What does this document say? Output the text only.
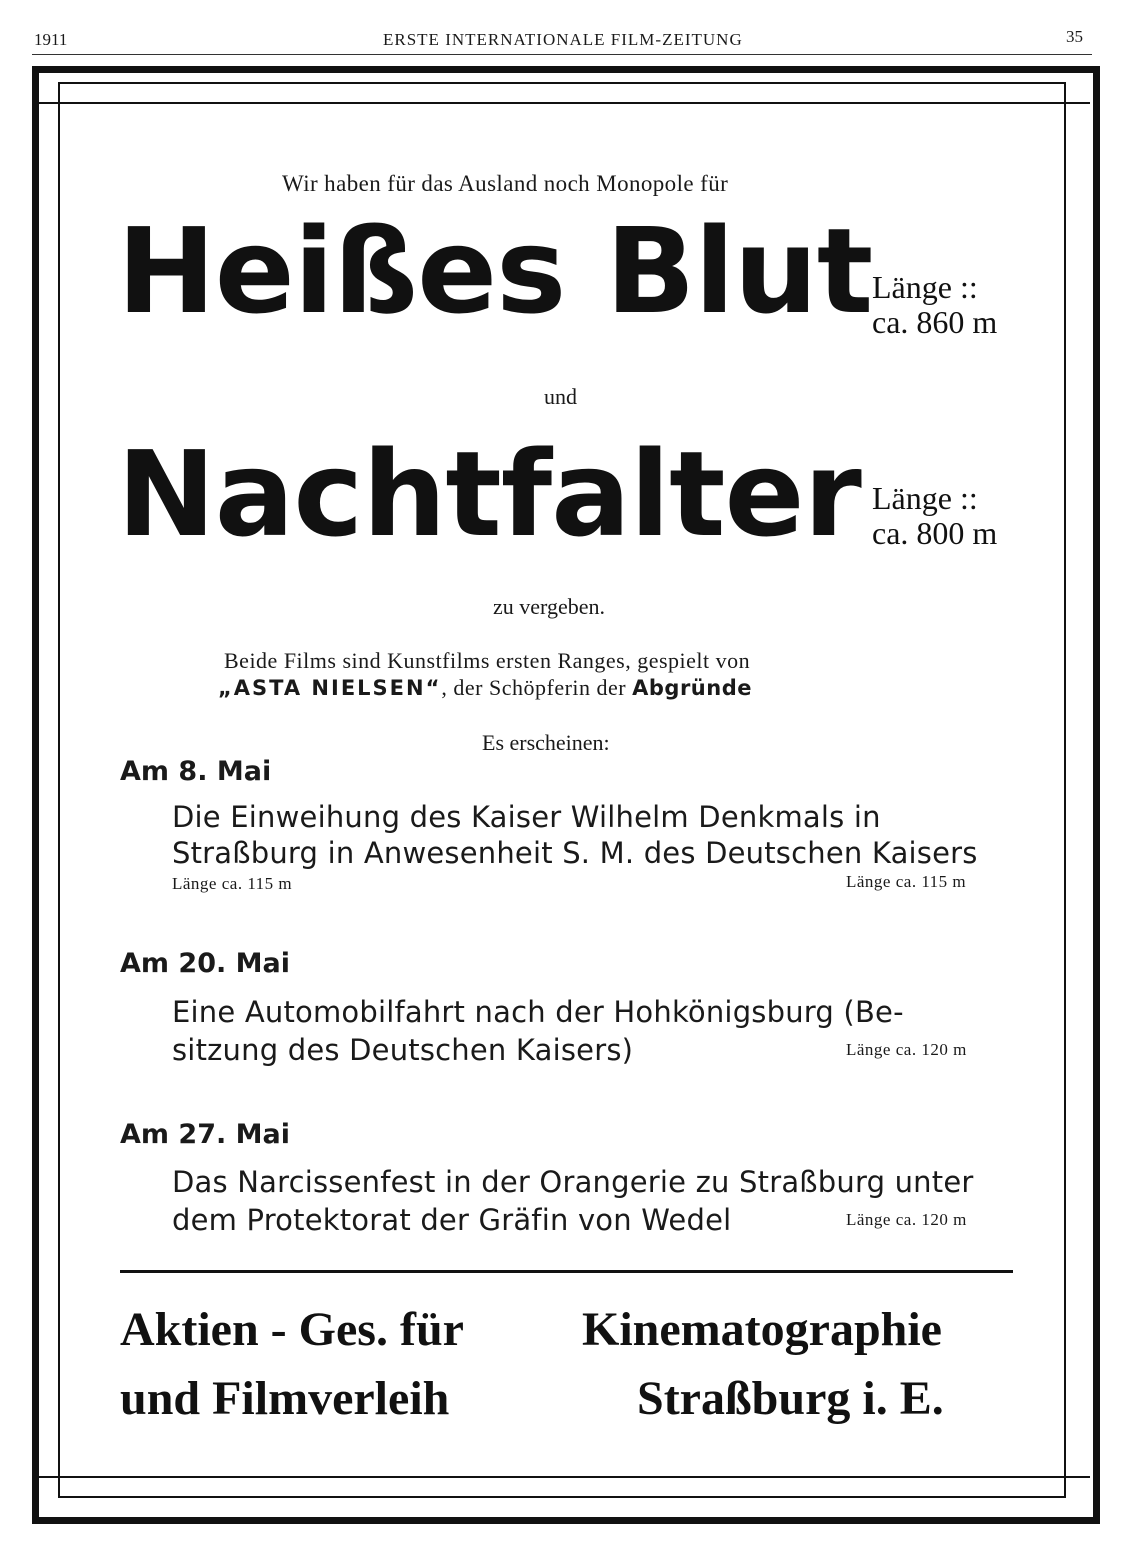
1911	ERSTE INTERNATIONALE FILM-ZEITUNG	35
Wir haben für das Ausland noch Monopole für
Heißes Blut Länge ::
ca. 860 m
und
Nachtfalter Länge ::
ca. 800 m
zu vergeben.
Beide Films sind Kunstfilms ersten Ranges, gespielt von
„ASTA NIELSEN“, der Schöpferin der Abgründe
Es erscheinen:
Am 8. Mai
Die Einweihung des Kaiser Wilhelm Denkmals in
Straßburg in Anwesenheit S. M. des Deutschen Kaisers
Länge ca. 115 m	Länge ca. 115 m
Am 20. Mai
Eine Automobilfahrt nach der Hohkönigsburg (Be-
sitzung des Deutschen Kaisers)	Länge ca. 120 m
Am 27. Mai
Das Narcissenfest in der Orangerie zu Straßburg unter
dem Protektorat der Gräfin von Wedel	Länge ca. 120 m
Aktien - Ges. für Kinematographie
und Filmverleih	Straßburg i. E.
